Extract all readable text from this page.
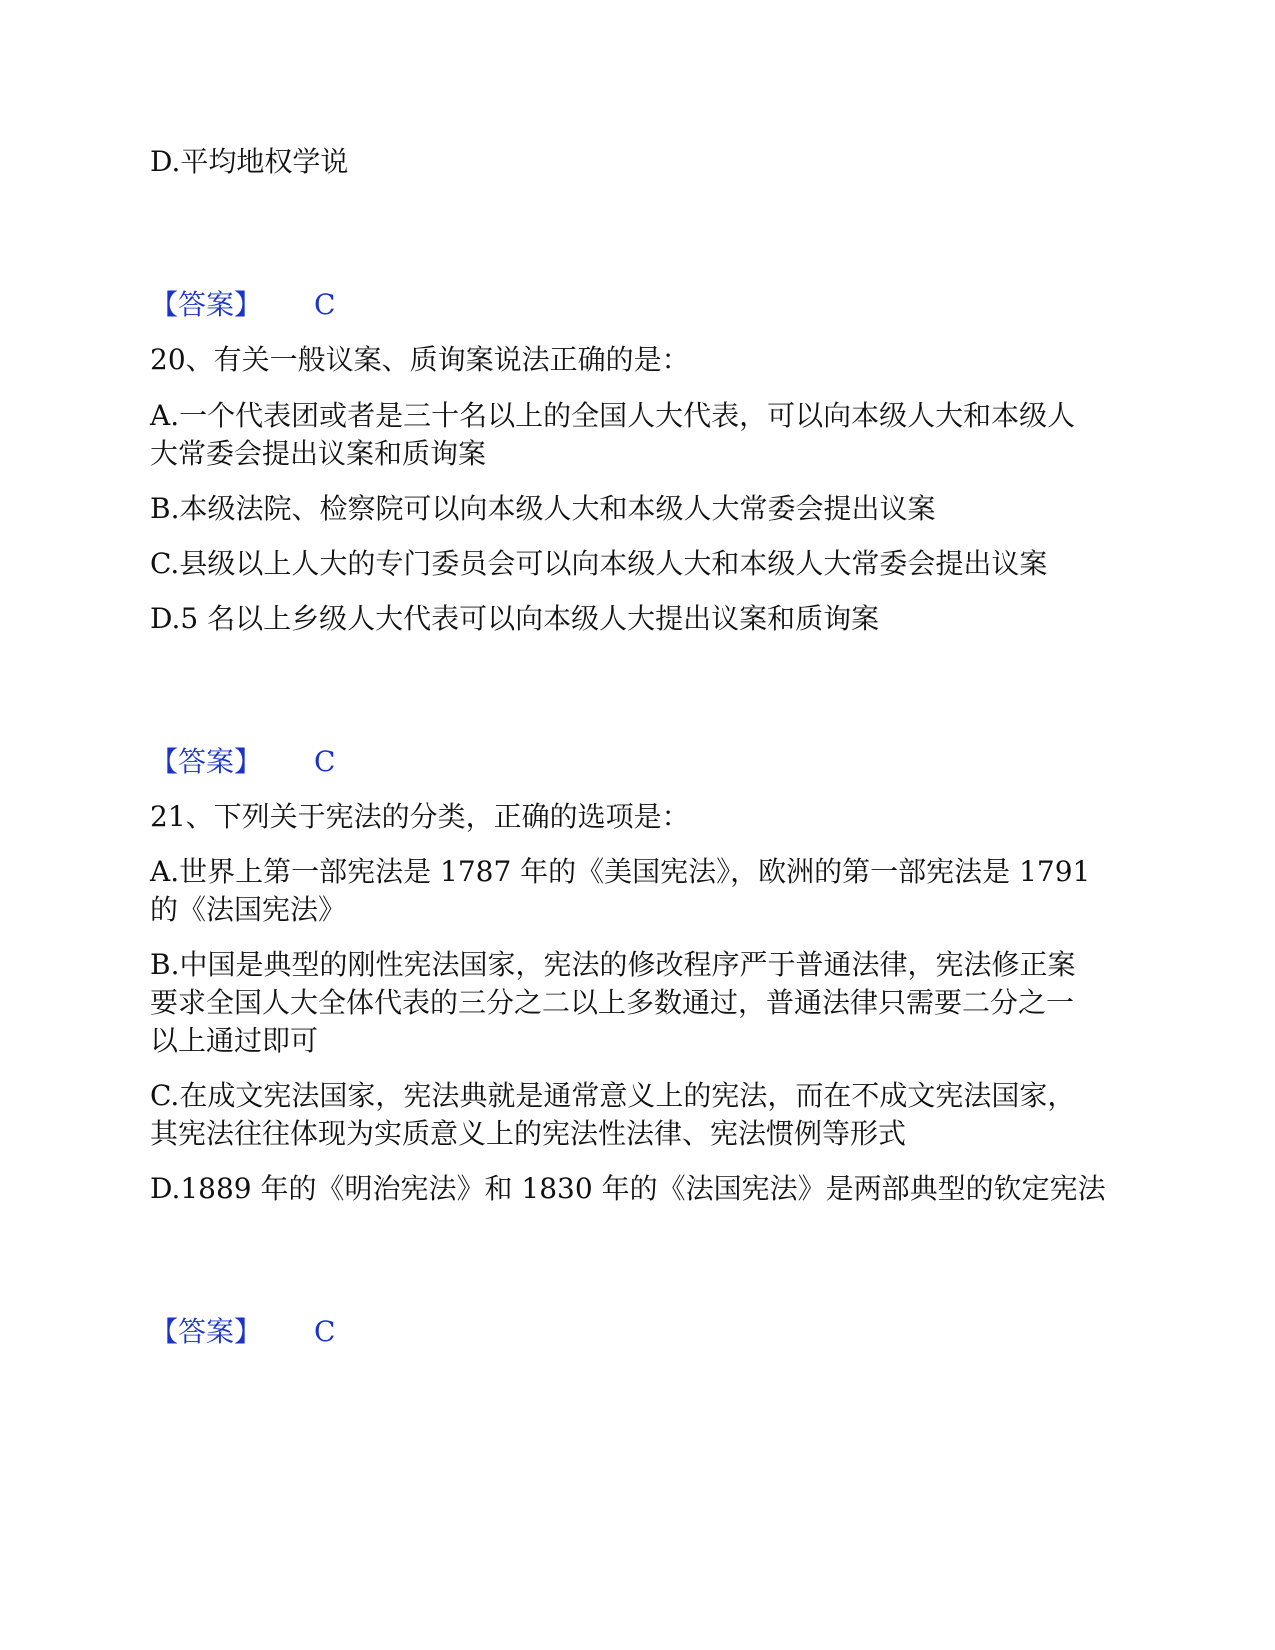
D.平均地权学说
【答案】 C
20、有关一般议案、质询案说法正确的是：
A.一个代表团或者是三十名以上的全国人大代表，可以向本级人大和本级人
大常委会提出议案和质询案
B.本级法院、检察院可以向本级人大和本级人大常委会提出议案
C.县级以上人大的专门委员会可以向本级人大和本级人大常委会提出议案
D.5 名以上乡级人大代表可以向本级人大提出议案和质询案
【答案】 C
21、下列关于宪法的分类，正确的选项是：
A.世界上第一部宪法是 1787 年的《美国宪法》，欧洲的第一部宪法是 1791
的《法国宪法》
B.中国是典型的刚性宪法国家，宪法的修改程序严于普通法律，宪法修正案
要求全国人大全体代表的三分之二以上多数通过，普通法律只需要二分之一
以上通过即可
C.在成文宪法国家，宪法典就是通常意义上的宪法，而在不成文宪法国家，
其宪法往往体现为实质意义上的宪法性法律、宪法惯例等形式
D.1889 年的《明治宪法》和 1830 年的《法国宪法》是两部典型的钦定宪法
【答案】 C
